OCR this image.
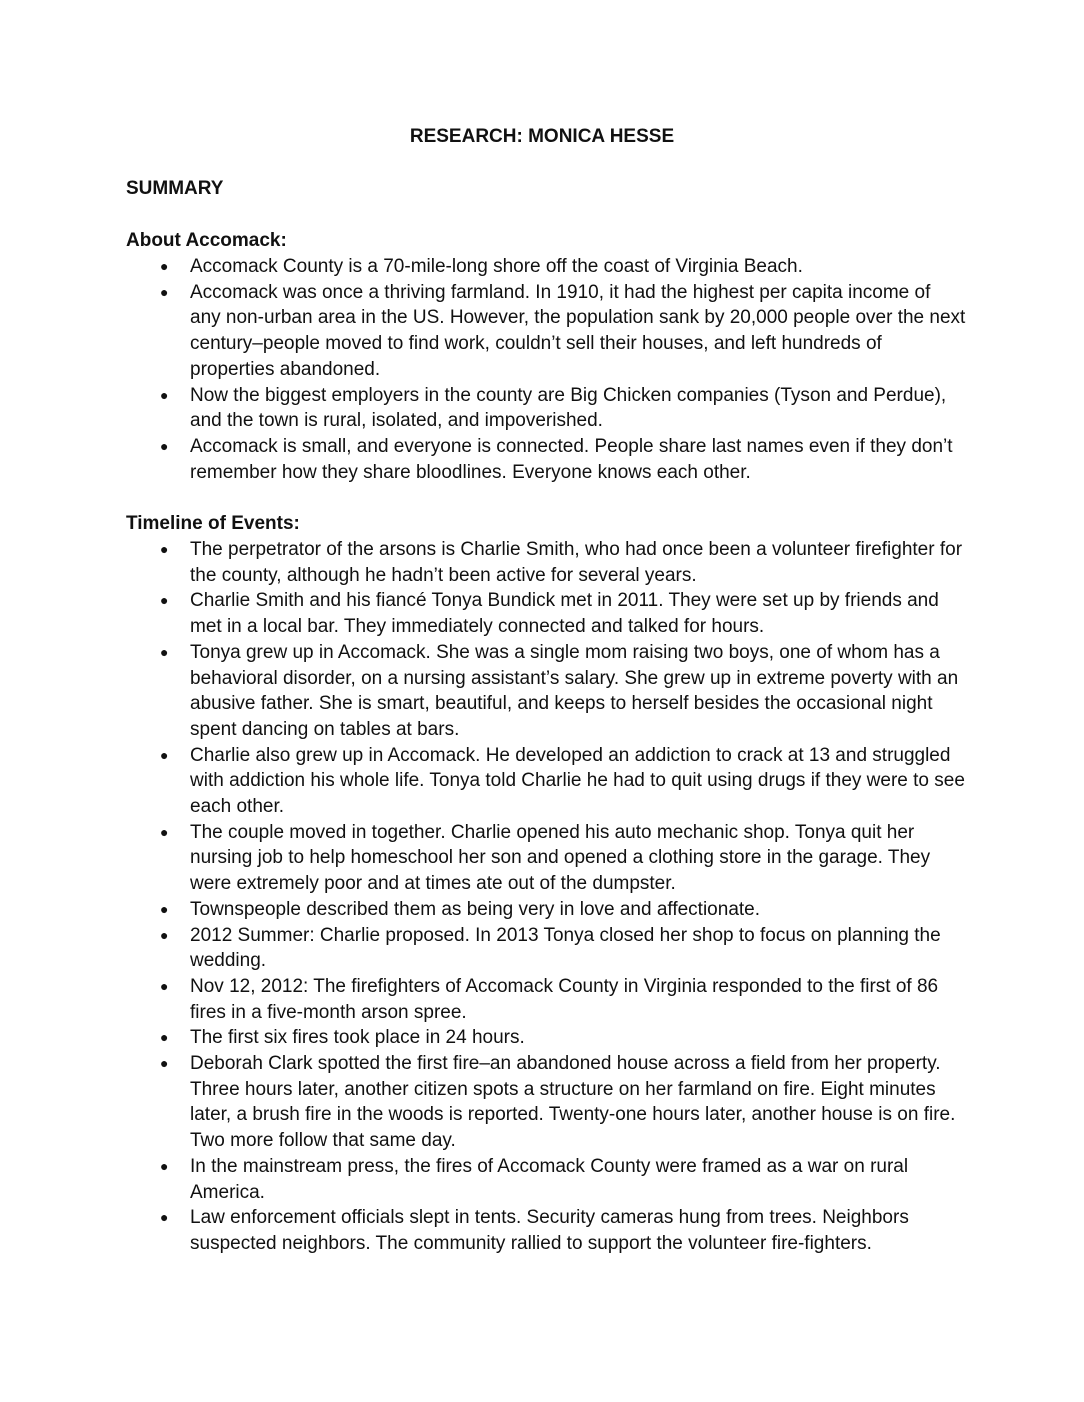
RESEARCH: MONICA HESSE
SUMMARY
About Accomack:
● Accomack County is a 70-mile-long shore off the coast of Virginia Beach.
● Accomack was once a thriving farmland. In 1910, it had the highest per capita income of any non-urban area in the US. However, the population sank by 20,000 people over the next century–people moved to find work, couldn’t sell their houses, and left hundreds of properties abandoned.
● Now the biggest employers in the county are Big Chicken companies (Tyson and Perdue), and the town is rural, isolated, and impoverished.
● Accomack is small, and everyone is connected. People share last names even if they don’t remember how they share bloodlines. Everyone knows each other.
Timeline of Events:
● The perpetrator of the arsons is Charlie Smith, who had once been a volunteer firefighter for the county, although he hadn’t been active for several years.
● Charlie Smith and his fiancé Tonya Bundick met in 2011. They were set up by friends and met in a local bar. They immediately connected and talked for hours.
● Tonya grew up in Accomack. She was a single mom raising two boys, one of whom has a behavioral disorder, on a nursing assistant’s salary. She grew up in extreme poverty with an abusive father. She is smart, beautiful, and keeps to herself besides the occasional night spent dancing on tables at bars.
● Charlie also grew up in Accomack. He developed an addiction to crack at 13 and struggled with addiction his whole life. Tonya told Charlie he had to quit using drugs if they were to see each other.
● The couple moved in together. Charlie opened his auto mechanic shop. Tonya quit her nursing job to help homeschool her son and opened a clothing store in the garage. They were extremely poor and at times ate out of the dumpster.
● Townspeople described them as being very in love and affectionate.
● 2012 Summer: Charlie proposed. In 2013 Tonya closed her shop to focus on planning the wedding.
● Nov 12, 2012: The firefighters of Accomack County in Virginia responded to the first of 86 fires in a five-month arson spree.
● The first six fires took place in 24 hours.
● Deborah Clark spotted the first fire–an abandoned house across a field from her property. Three hours later, another citizen spots a structure on her farmland on fire. Eight minutes later, a brush fire in the woods is reported. Twenty-one hours later, another house is on fire. Two more follow that same day.
● In the mainstream press, the fires of Accomack County were framed as a war on rural America.
● Law enforcement officials slept in tents. Security cameras hung from trees. Neighbors suspected neighbors. The community rallied to support the volunteer fire-fighters.
